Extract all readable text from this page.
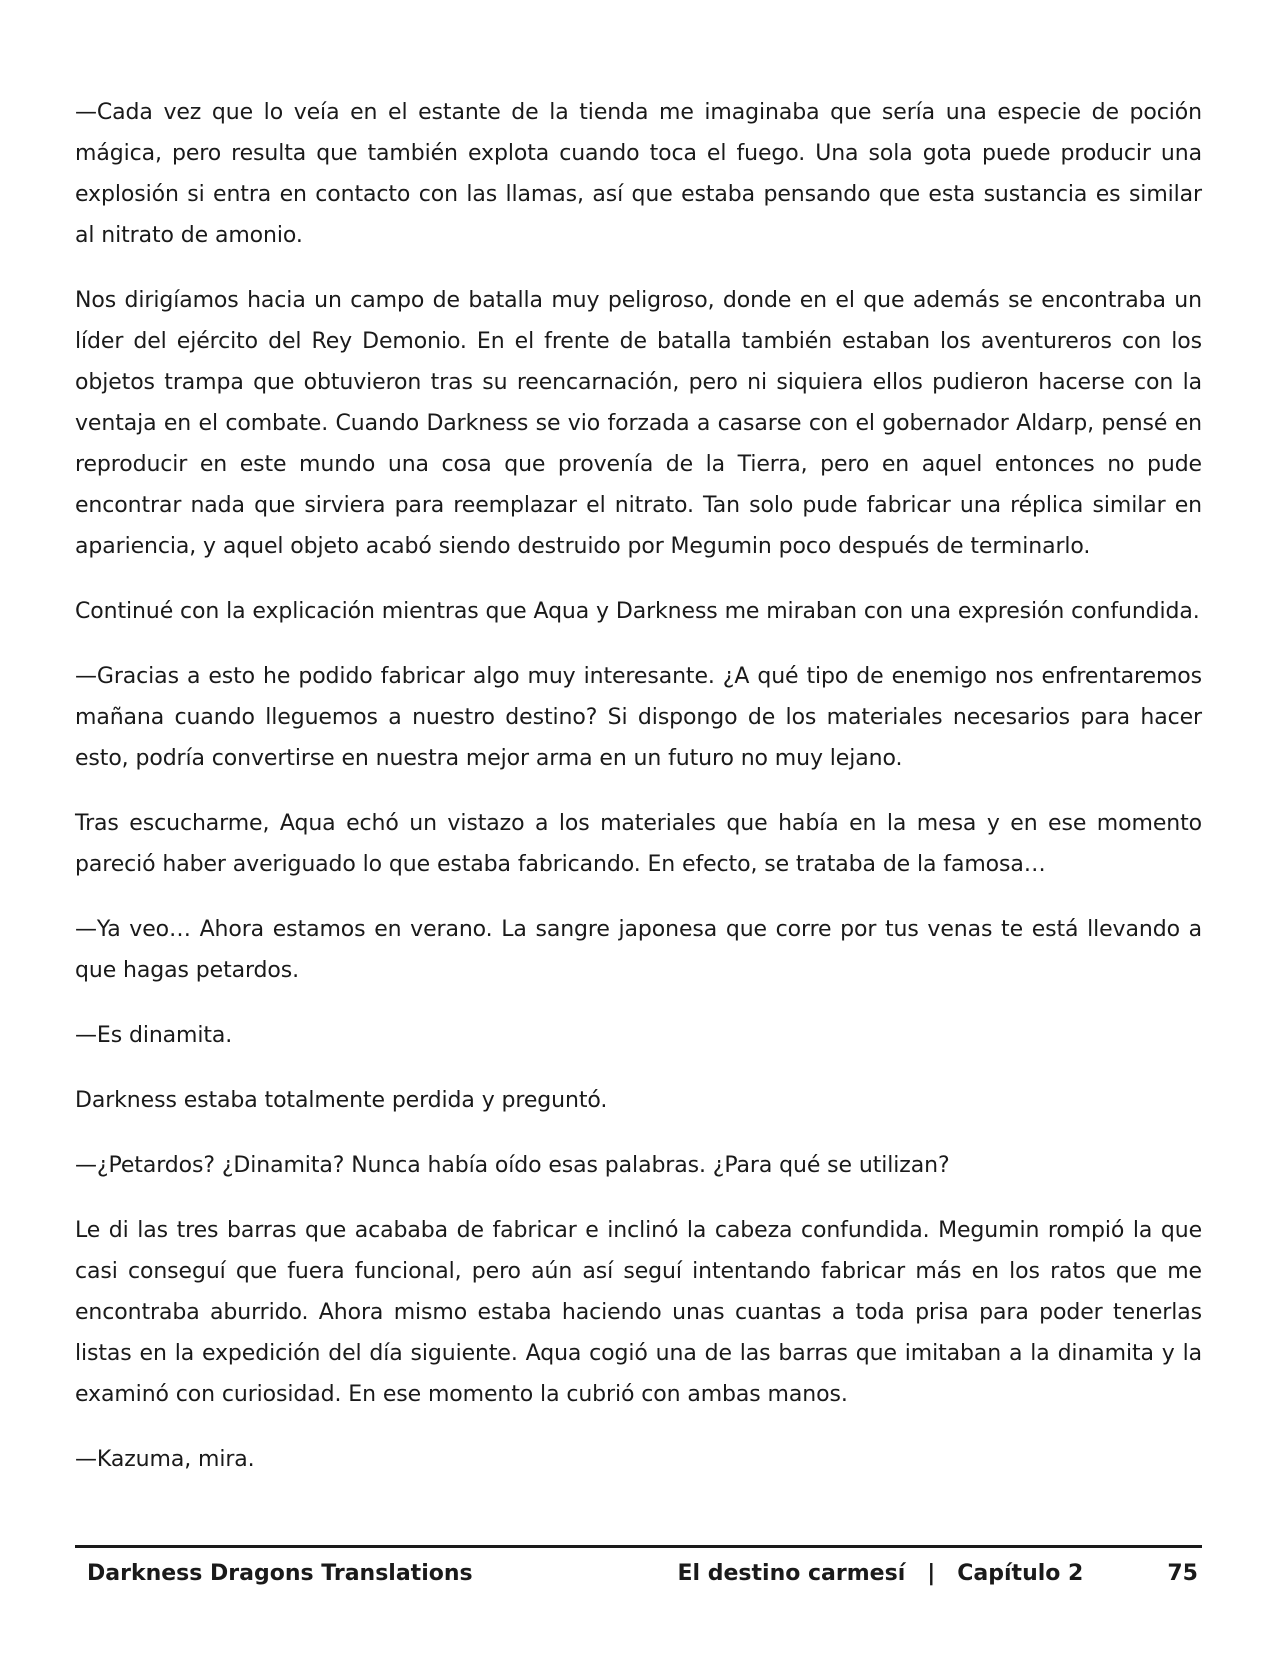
—Cada vez que lo veía en el estante de la tienda me imaginaba que sería una especie de poción mágica, pero resulta que también explota cuando toca el fuego. Una sola gota puede producir una explosión si entra en contacto con las llamas, así que estaba pensando que esta sustancia es similar al nitrato de amonio.

Nos dirigíamos hacia un campo de batalla muy peligroso, donde en el que además se encontraba un líder del ejército del Rey Demonio. En el frente de batalla también estaban los aventureros con los objetos trampa que obtuvieron tras su reencarnación, pero ni siquiera ellos pudieron hacerse con la ventaja en el combate. Cuando Darkness se vio forzada a casarse con el gobernador Aldarp, pensé en reproducir en este mundo una cosa que provenía de la Tierra, pero en aquel entonces no pude encontrar nada que sirviera para reemplazar el nitrato. Tan solo pude fabricar una réplica similar en apariencia, y aquel objeto acabó siendo destruido por Megumin poco después de terminarlo.

Continué con la explicación mientras que Aqua y Darkness me miraban con una expresión confundida.

—Gracias a esto he podido fabricar algo muy interesante. ¿A qué tipo de enemigo nos enfrentaremos mañana cuando lleguemos a nuestro destino? Si dispongo de los materiales necesarios para hacer esto, podría convertirse en nuestra mejor arma en un futuro no muy lejano.

Tras escucharme, Aqua echó un vistazo a los materiales que había en la mesa y en ese momento pareció haber averiguado lo que estaba fabricando. En efecto, se trataba de la famosa…

—Ya veo… Ahora estamos en verano. La sangre japonesa que corre por tus venas te está llevando a que hagas petardos.

—Es dinamita.

Darkness estaba totalmente perdida y preguntó.

—¿Petardos? ¿Dinamita? Nunca había oído esas palabras. ¿Para qué se utilizan?

Le di las tres barras que acababa de fabricar e inclinó la cabeza confundida. Megumin rompió la que casi conseguí que fuera funcional, pero aún así seguí intentando fabricar más en los ratos que me encontraba aburrido. Ahora mismo estaba haciendo unas cuantas a toda prisa para poder tenerlas listas en la expedición del día siguiente. Aqua cogió una de las barras que imitaban a la dinamita y la examinó con curiosidad. En ese momento la cubrió con ambas manos.

—Kazuma, mira.

Darkness Dragons Translations	El destino carmesí | Capítulo 2	75
